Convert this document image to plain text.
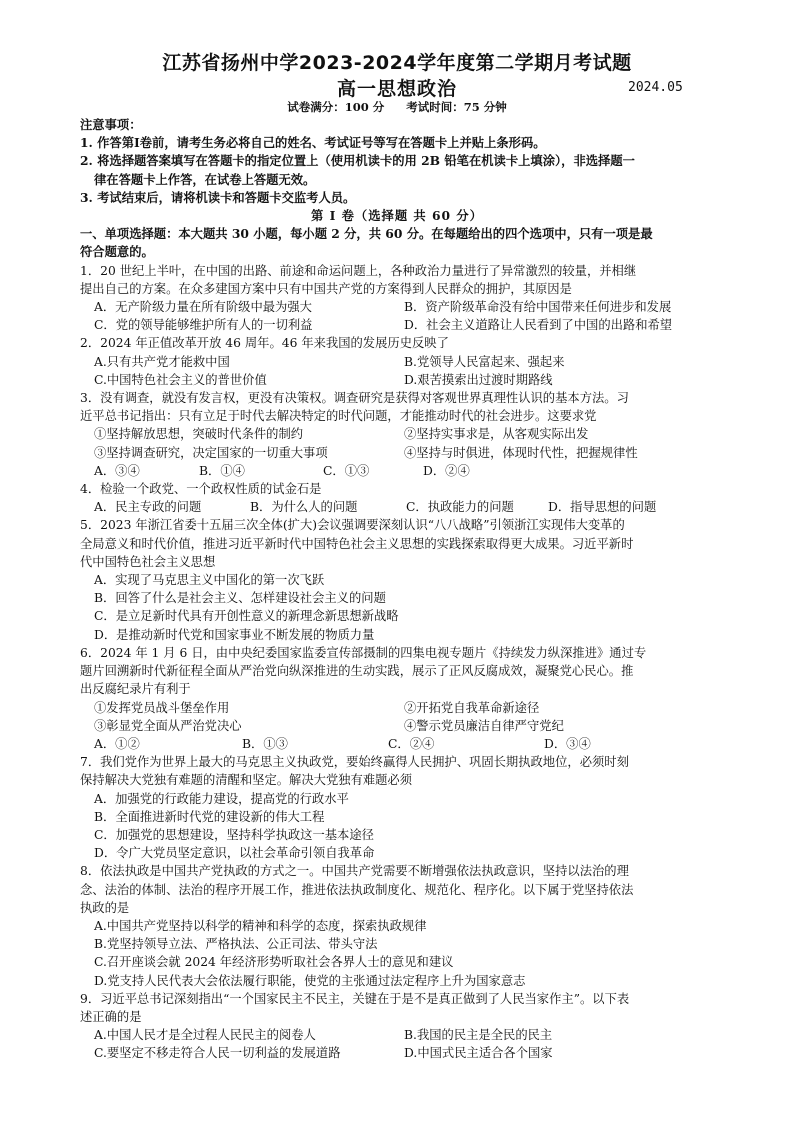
江苏省扬州中学2023-2024学年度第二学期月考试题
高一思想政治	2024.05
试卷满分：100 分 考试时间：75 分钟
注意事项：
1. 作答第Ⅰ卷前，请考生务必将自己的姓名、考试证号等写在答题卡上并贴上条形码。
2. 将选择题答案填写在答题卡的指定位置上（使用机读卡的用 2B 铅笔在机读卡上填涂），非选择题一
律在答题卡上作答，在试卷上答题无效。
3. 考试结束后，请将机读卡和答题卡交监考人员。
第 Ⅰ 卷（选择题 共 60 分）
一、单项选择题：本大题共 30 小题，每小题 2 分，共 60 分。在每题给出的四个选项中，只有一项是最
符合题意的。
1．20 世纪上半叶，在中国的出路、前途和命运问题上，各种政治力量进行了异常激烈的较量，并相继
提出自己的方案。在众多建国方案中只有中国共产党的方案得到人民群众的拥护，其原因是
A．无产阶级力量在所有阶级中最为强大	B．资产阶级革命没有给中国带来任何进步和发展
C．党的领导能够维护所有人的一切利益	D．社会主义道路让人民看到了中国的出路和希望
2．2024 年正值改革开放 46 周年。46 年来我国的发展历史反映了
A.只有共产党才能救中国	B.党领导人民富起来、强起来
C.中国特色社会主义的普世价值	D.艰苦摸索出过渡时期路线
3．没有调查，就没有发言权，更没有决策权。调查研究是获得对客观世界真理性认识的基本方法。习
近平总书记指出：只有立足于时代去解决特定的时代问题，才能推动时代的社会进步。这要求党
①坚持解放思想，突破时代条件的制约	②坚持实事求是，从客观实际出发
③坚持调查研究，决定国家的一切重大事项	④坚持与时俱进，体现时代性，把握规律性
A．③④	B．①④	C．①③	D．②④
4．检验一个政党、一个政权性质的试金石是
A．民主专政的问题	B．为什么人的问题	C．执政能力的问题	D．指导思想的问题
5．2023 年浙江省委十五届三次全体(扩大)会议强调要深刻认识“八八战略”引领浙江实现伟大变革的
全局意义和时代价值，推进习近平新时代中国特色社会主义思想的实践探索取得更大成果。习近平新时
代中国特色社会主义思想
A．实现了马克思主义中国化的第一次飞跃
B．回答了什么是社会主义、怎样建设社会主义的问题
C．是立足新时代具有开创性意义的新理念新思想新战略
D．是推动新时代党和国家事业不断发展的物质力量
6．2024 年 1 月 6 日，由中央纪委国家监委宣传部摄制的四集电视专题片《持续发力纵深推进》通过专
题片回溯新时代新征程全面从严治党向纵深推进的生动实践，展示了正风反腐成效，凝聚党心民心。推
出反腐纪录片有利于
①发挥党员战斗堡垒作用	②开拓党自我革命新途径
③彰显党全面从严治党决心	④警示党员廉洁自律严守党纪
A．①②	B．①③	C．②④	D．③④
7．我们党作为世界上最大的马克思主义执政党，要始终赢得人民拥护、巩固长期执政地位，必须时刻
保持解决大党独有难题的清醒和坚定。解决大党独有难题必须
A．加强党的行政能力建设，提高党的行政水平
B．全面推进新时代党的建设新的伟大工程
C．加强党的思想建设，坚持科学执政这一基本途径
D．令广大党员坚定意识，以社会革命引领自我革命
8．依法执政是中国共产党执政的方式之一。中国共产党需要不断增强依法执政意识，坚持以法治的理
念、法治的体制、法治的程序开展工作，推进依法执政制度化、规范化、程序化。以下属于党坚持依法
执政的是
A.中国共产党坚持以科学的精神和科学的态度，探索执政规律
B.党坚持领导立法、严格执法、公正司法、带头守法
C.召开座谈会就 2024 年经济形势听取社会各界人士的意见和建议
D.党支持人民代表大会依法履行职能，使党的主张通过法定程序上升为国家意志
9．习近平总书记深刻指出“一个国家民主不民主，关键在于是不是真正做到了人民当家作主”。以下表
述正确的是
A.中国人民才是全过程人民民主的阅卷人	B.我国的民主是全民的民主
C.要坚定不移走符合人民一切利益的发展道路	D.中国式民主适合各个国家
